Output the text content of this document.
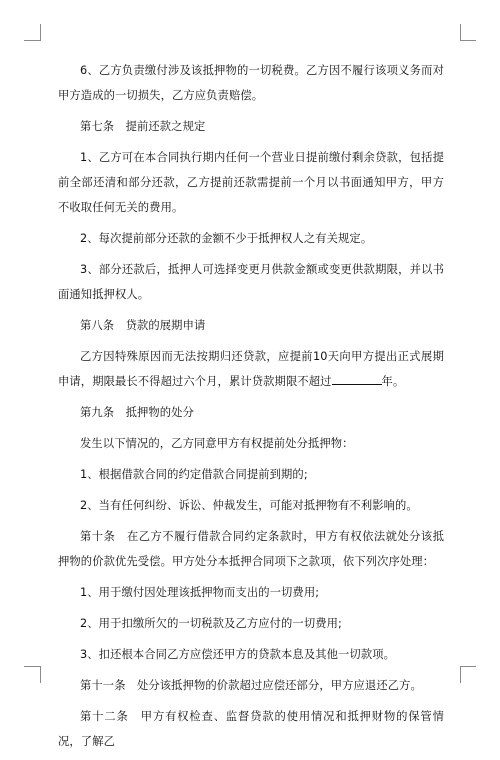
6、乙方负责缴付涉及该抵押物的一切税费。乙方因不履行该项义务而对甲方造成的一切损失，乙方应负责赔偿。

第七条　提前还款之规定

1、乙方可在本合同执行期内任何一个营业日提前缴付剩余贷款，包括提前全部还清和部分还款，乙方提前还款需提前一个月以书面通知甲方，甲方不收取任何无关的费用。

2、每次提前部分还款的金额不少于抵押权人之有关规定。

3、部分还款后，抵押人可选择变更月供款金额或变更供款期限，并以书面通知抵押权人。

第八条　贷款的展期申请

乙方因特殊原因而无法按期归还贷款，应提前10天向甲方提出正式展期申请，期限最长不得超过六个月，累计贷款期限不超过	年。

第九条　抵押物的处分

发生以下情况的，乙方同意甲方有权提前处分抵押物：

1、根据借款合同的约定借款合同提前到期的;

2、当有任何纠纷、诉讼、仲裁发生，可能对抵押物有不利影响的。

第十条　在乙方不履行借款合同约定条款时，甲方有权依法就处分该抵押物的价款优先受偿。甲方处分本抵押合同项下之款项，依下列次序处理：

1、用于缴付因处理该抵押物而支出的一切费用;

2、用于扣缴所欠的一切税款及乙方应付的一切费用;

3、扣还根本合同乙方应偿还甲方的贷款本息及其他一切款项。

第十一条　处分该抵押物的价款超过应偿还部分，甲方应退还乙方。

第十二条　甲方有权检查、监督贷款的使用情况和抵押财物的保管情况，了解乙
